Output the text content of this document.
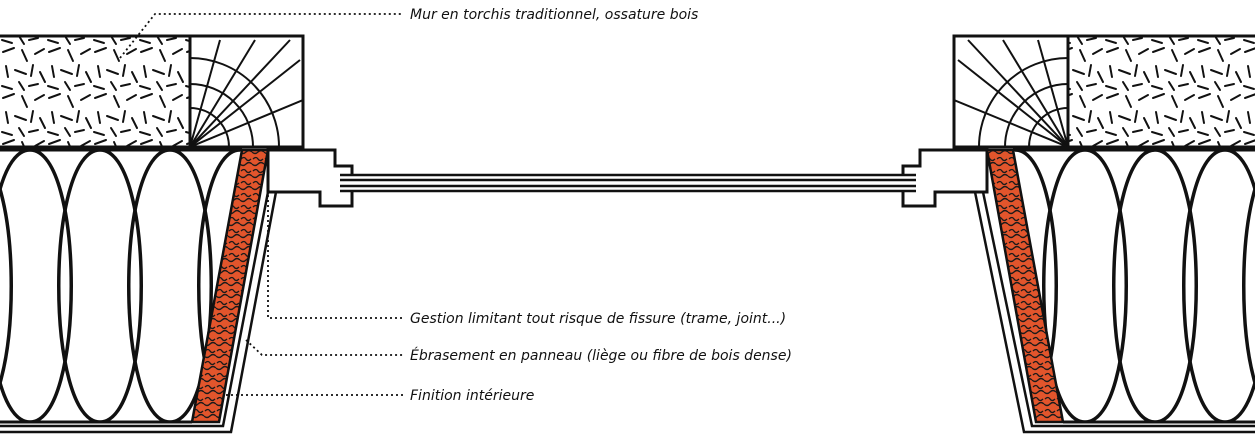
Mur en torchis traditionnel, ossature bois
Gestion limitant tout risque de fissure (trame, joint...)
Ébrasement en panneau (liège ou fibre de bois dense)
Finition intérieure
